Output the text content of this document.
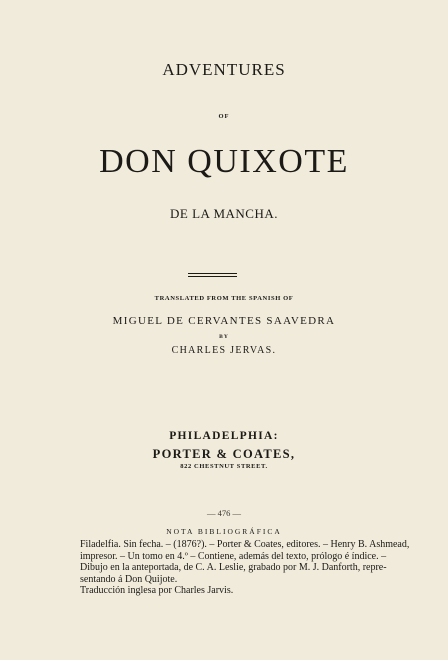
ADVENTURES
OF
DON QUIXOTE
DE LA MANCHA.
TRANSLATED FROM THE SPANISH OF
MIGUEL DE CERVANTES SAAVEDRA
BY
CHARLES JERVAS.
PHILADELPHIA:
PORTER & COATES,
822 CHESTNUT STREET.
— 476 —
NOTA BIBLIOGRÁFICA
Filadelfia. Sin fecha. – (1876?). – Porter & Coates, editores. – Henry B. Ashmead,
impresor. – Un tomo en 4.º – Contiene, además del texto, prólogo é índice. –
Dibujo en la anteportada, de C. A. Leslie, grabado por M. J. Danforth, repre-
sentando á Don Quijote.
Traducción inglesa por Charles Jarvis.
